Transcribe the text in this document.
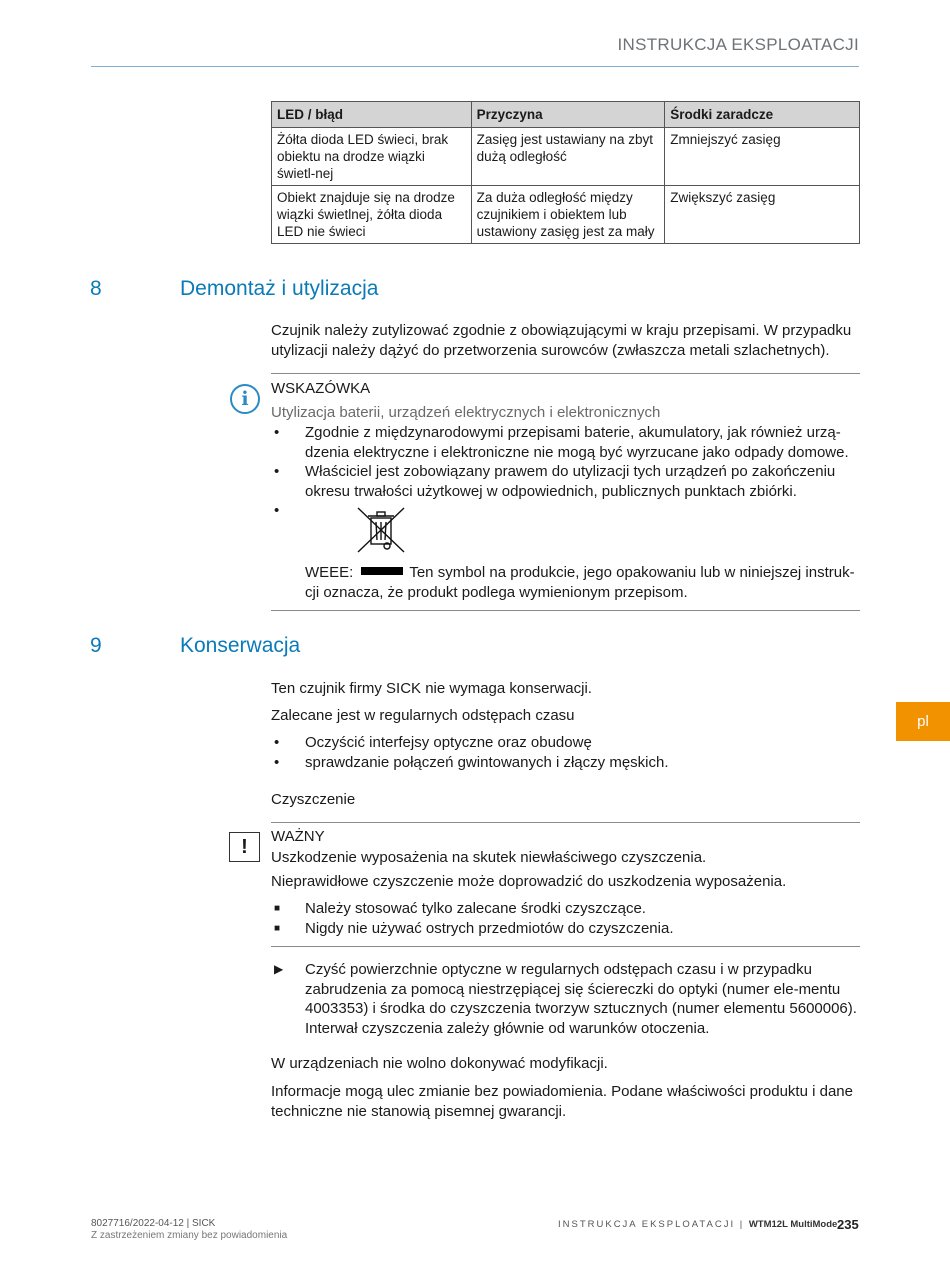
INSTRUKCJA EKSPLOATACJI
LED / błąd	Przyczyna	Środki zaradcze
Żółta dioda LED świeci, brak obiektu na drodze wiązki świetl-nej	Zasięg jest ustawiany na zbyt dużą odległość	Zmniejszyć zasięg
Obiekt znajduje się na drodze wiązki świetlnej, żółta dioda LED nie świeci	Za duża odległość między czujnikiem i obiektem lub ustawiony zasięg jest za mały	Zwiększyć zasięg
8	Demontaż i utylizacja
Czujnik należy zutylizować zgodnie z obowiązującymi w kraju przepisami. W przypadku utylizacji należy dążyć do przetworzenia surowców (zwłaszcza metali szlachetnych).
i	WSKAZÓWKA
Utylizacja baterii, urządzeń elektrycznych i elektronicznych
• Zgodnie z międzynarodowymi przepisami baterie, akumulatory, jak również urzą-dzenia elektryczne i elektroniczne nie mogą być wyrzucane jako odpady domowe.
• Właściciel jest zobowiązany prawem do utylizacji tych urządzeń po zakończeniu okresu trwałości użytkowej w odpowiednich, publicznych punktach zbiórki.
•
WEEE:	Ten symbol na produkcie, jego opakowaniu lub w niniejszej instruk-cji oznacza, że produkt podlega wymienionym przepisom.
9	Konserwacja
Ten czujnik firmy SICK nie wymaga konserwacji.
Zalecane jest w regularnych odstępach czasu
• Oczyścić interfejsy optyczne oraz obudowę
• sprawdzanie połączeń gwintowanych i złączy męskich.
Czyszczenie
!	WAŻNY
Uszkodzenie wyposażenia na skutek niewłaściwego czyszczenia.
Nieprawidłowe czyszczenie może doprowadzić do uszkodzenia wyposażenia.
■ Należy stosować tylko zalecane środki czyszczące.
■ Nigdy nie używać ostrych przedmiotów do czyszczenia.
▶ Czyść powierzchnie optyczne w regularnych odstępach czasu i w przypadku zabrudzenia za pomocą niestrzępiącej się ściereczki do optyki (numer ele-mentu 4003353) i środka do czyszczenia tworzyw sztucznych (numer elementu 5600006). Interwał czyszczenia zależy głównie od warunków otoczenia.
W urządzeniach nie wolno dokonywać modyfikacji.
Informacje mogą ulec zmianie bez powiadomienia. Podane właściwości produktu i dane techniczne nie stanowią pisemnej gwarancji.
pl
8027716/2022-04-12 | SICK
Z zastrzeżeniem zmiany bez powiadomienia
INSTRUKCJA EKSPLOATACJI | WTM12L MultiMode 235
